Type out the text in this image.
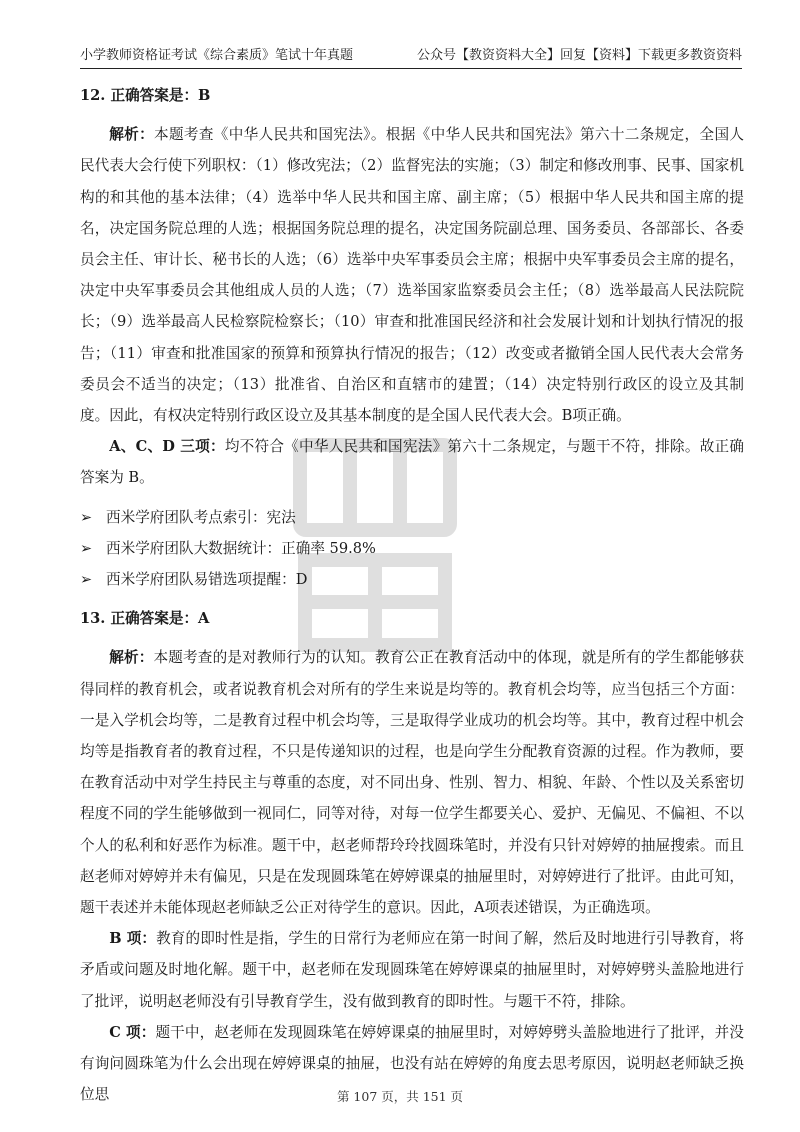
小学教师资格证考试《综合素质》笔试十年真题	公众号【教资资料大全】回复【资料】下载更多教资资料

12. 正确答案是：B

解析：本题考查《中华人民共和国宪法》。根据《中华人民共和国宪法》第六十二条规定，全国人民代表大会行使下列职权：（1）修改宪法；（2）监督宪法的实施；（3）制定和修改刑事、民事、国家机构的和其他的基本法律；（4）选举中华人民共和国主席、副主席；（5）根据中华人民共和国主席的提名，决定国务院总理的人选；根据国务院总理的提名，决定国务院副总理、国务委员、各部部长、各委员会主任、审计长、秘书长的人选；（6）选举中央军事委员会主席；根据中央军事委员会主席的提名，决定中央军事委员会其他组成人员的人选；（7）选举国家监察委员会主任；（8）选举最高人民法院院长；（9）选举最高人民检察院检察长；（10）审查和批准国民经济和社会发展计划和计划执行情况的报告；（11）审查和批准国家的预算和预算执行情况的报告；（12）改变或者撤销全国人民代表大会常务委员会不适当的决定；（13）批准省、自治区和直辖市的建置；（14）决定特别行政区的设立及其制度。因此，有权决定特别行政区设立及其基本制度的是全国人民代表大会。B项正确。

A、C、D 三项：均不符合《中华人民共和国宪法》第六十二条规定，与题干不符，排除。故正确答案为 B。

➢ 西米学府团队考点索引：宪法

➢ 西米学府团队大数据统计：正确率 59.8%

➢ 西米学府团队易错选项提醒：D

13. 正确答案是：A

解析：本题考查的是对教师行为的认知。教育公正在教育活动中的体现，就是所有的学生都能够获得同样的教育机会，或者说教育机会对所有的学生来说是均等的。教育机会均等，应当包括三个方面：一是入学机会均等，二是教育过程中机会均等，三是取得学业成功的机会均等。其中，教育过程中机会均等是指教育者的教育过程，不只是传递知识的过程，也是向学生分配教育资源的过程。作为教师，要在教育活动中对学生持民主与尊重的态度，对不同出身、性别、智力、相貌、年龄、个性以及关系密切程度不同的学生能够做到一视同仁，同等对待，对每一位学生都要关心、爱护、无偏见、不偏袒、不以个人的私利和好恶作为标准。题干中，赵老师帮玲玲找圆珠笔时，并没有只针对婷婷的抽屉搜索。而且赵老师对婷婷并未有偏见，只是在发现圆珠笔在婷婷课桌的抽屉里时，对婷婷进行了批评。由此可知，题干表述并未能体现赵老师缺乏公正对待学生的意识。因此，A项表述错误，为正确选项。

B 项：教育的即时性是指，学生的日常行为老师应在第一时间了解，然后及时地进行引导教育，将矛盾或问题及时地化解。题干中，赵老师在发现圆珠笔在婷婷课桌的抽屉里时，对婷婷劈头盖脸地进行了批评，说明赵老师没有引导教育学生，没有做到教育的即时性。与题干不符，排除。

C 项：题干中，赵老师在发现圆珠笔在婷婷课桌的抽屉里时，对婷婷劈头盖脸地进行了批评，并没有询问圆珠笔为什么会出现在婷婷课桌的抽屉，也没有站在婷婷的角度去思考原因，说明赵老师缺乏换位思	第 107 页，共 151 页
